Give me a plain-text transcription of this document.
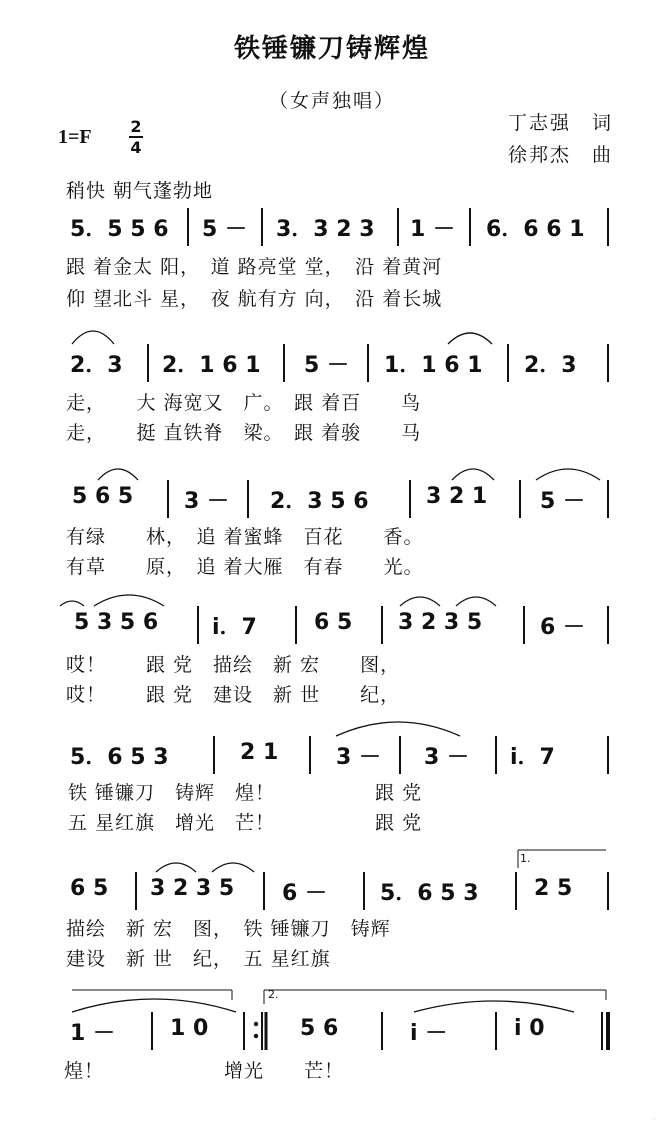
铁锤镰刀铸辉煌
（女声独唱）
丁志强　词
徐邦杰　曲
1=F 2
4
稍快 朝气蓬勃地
5．5 5 6 5 － 3．3 2 3 1 － 6．6 6 1
跟 着金太 阳，　道 路亮堂 堂，　沿 着黄河
仰 望北斗 星，　夜 航有方 向，　沿 着长城
2．3 2．1 6 1 5 － 1．1 6 1 2．3
走，　　大 海宽又　广。　跟 着百　　鸟
走，　　挺 直铁脊　梁。　跟 着骏　　马
5 6 5 3 － 2．3 5 6	3 2 1 5 －
有绿　　林，　追 着蜜蜂　百花　　香。
有草　　原，　追 着大雁　有春　　光。
5 3 5 6 i．7	6 5 3 2 3 5	6 －
哎！　　跟 党　描绘　新 宏　　图，
哎！　　跟 党　建设　新 世　　纪，
5．6 5 3	2 1	3 － 3 － i．7
铁 锤镰刀　铸辉　煌！　　　　　跟 党
五 星红旗　增光　芒！　　　　　跟 党
6 5 3 2 3 5 6 － 5．6 5 3	2 5
描绘　新 宏　图，　铁 锤镰刀　铸辉
建设　新 世　纪，　五 星红旗
1 －	1 0	5 6	i －	i 0
煌！　　　　　　增光　　芒！
1.
2.
·
